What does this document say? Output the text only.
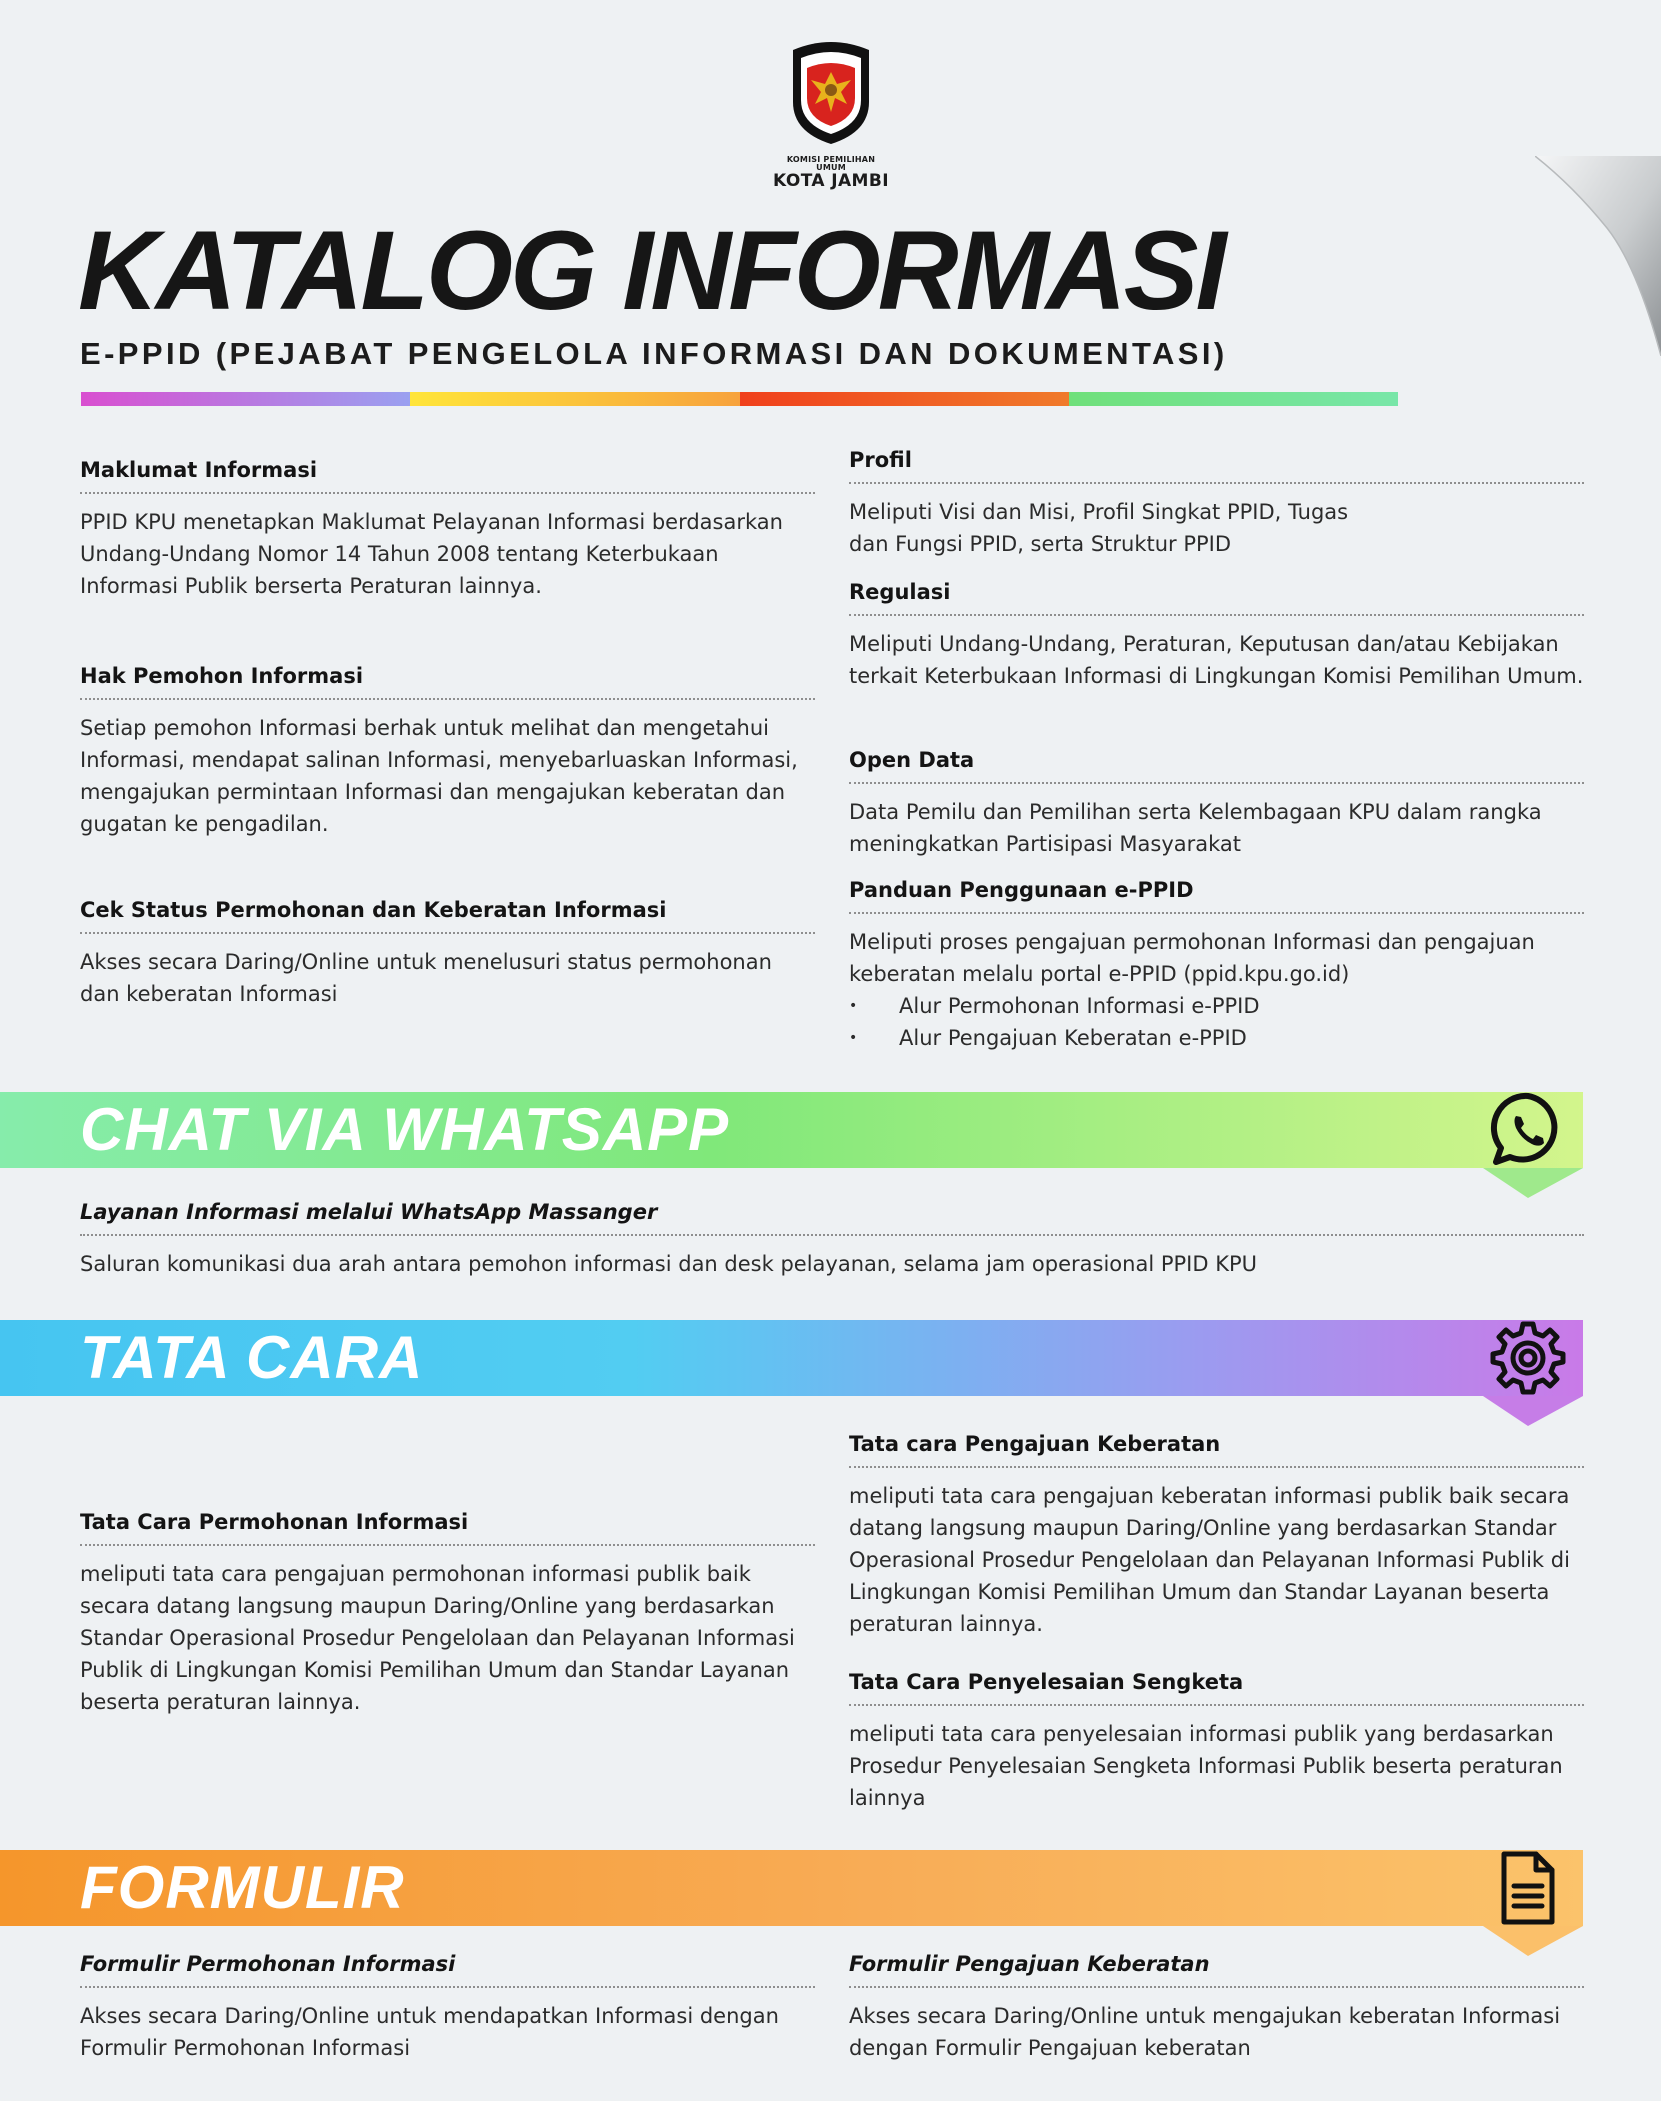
KOMISI PEMILIHAN UMUM
KOTA JAMBI
KATALOG INFORMASI
E-PPID (PEJABAT PENGELOLA INFORMASI DAN DOKUMENTASI)
Maklumat Informasi
PPID KPU menetapkan Maklumat Pelayanan Informasi berdasarkan Undang-Undang Nomor 14 Tahun 2008 tentang Keterbukaan Informasi Publik berserta Peraturan lainnya.
Hak Pemohon Informasi
Setiap pemohon Informasi berhak untuk melihat dan mengetahui Informasi, mendapat salinan Informasi, menyebarluaskan Informasi, mengajukan permintaan Informasi dan mengajukan keberatan dan gugatan ke pengadilan.
Cek Status Permohonan dan Keberatan Informasi
Akses secara Daring/Online untuk menelusuri status permohonan dan keberatan Informasi
Profil
Meliputi Visi dan Misi, Profil Singkat PPID, Tugas dan Fungsi PPID, serta Struktur PPID
Regulasi
Meliputi Undang-Undang, Peraturan, Keputusan dan/atau Kebijakan terkait Keterbukaan Informasi di Lingkungan Komisi Pemilihan Umum.
Open Data
Data Pemilu dan Pemilihan serta Kelembagaan KPU dalam rangka meningkatkan Partisipasi Masyarakat
Panduan Penggunaan e-PPID
Meliputi proses pengajuan permohonan Informasi dan pengajuan keberatan melalu portal e-PPID (ppid.kpu.go.id)
• Alur Permohonan Informasi e-PPID
• Alur Pengajuan Keberatan e-PPID
CHAT VIA WHATSAPP
Layanan Informasi melalui WhatsApp Massanger
Saluran komunikasi dua arah antara pemohon informasi dan desk pelayanan, selama jam operasional PPID KPU
TATA CARA
Tata Cara Permohonan Informasi
meliputi tata cara pengajuan permohonan informasi publik baik secara datang langsung maupun Daring/Online yang berdasarkan Standar Operasional Prosedur Pengelolaan dan Pelayanan Informasi Publik di Lingkungan Komisi Pemilihan Umum dan Standar Layanan beserta peraturan lainnya.
Tata cara Pengajuan Keberatan
meliputi tata cara pengajuan keberatan informasi publik baik secara datang langsung maupun Daring/Online yang berdasarkan Standar Operasional Prosedur Pengelolaan dan Pelayanan Informasi Publik di Lingkungan Komisi Pemilihan Umum dan Standar Layanan beserta peraturan lainnya.
Tata Cara Penyelesaian Sengketa
meliputi tata cara penyelesaian informasi publik yang berdasarkan Prosedur Penyelesaian Sengketa Informasi Publik beserta peraturan lainnya
FORMULIR
Formulir Permohonan Informasi
Akses secara Daring/Online untuk mendapatkan Informasi dengan Formulir Permohonan Informasi
Formulir Pengajuan Keberatan
Akses secara Daring/Online untuk mengajukan keberatan Informasi dengan Formulir Pengajuan keberatan
